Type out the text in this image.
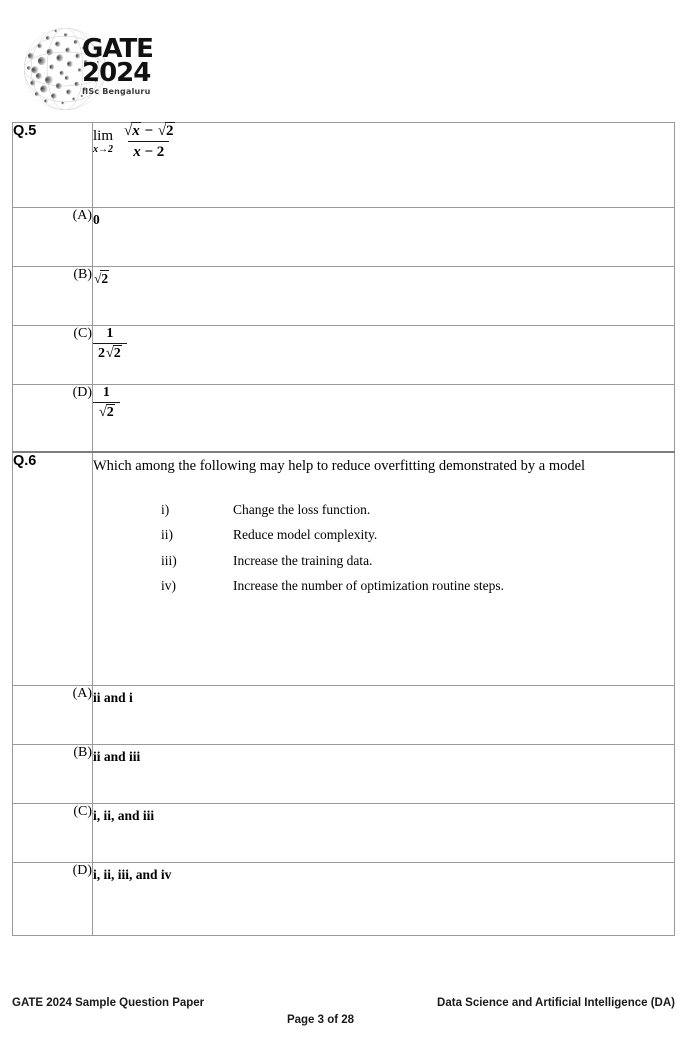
GATE
2024
IISc Bengaluru
Q.5	lim
$x\to 2 \frac{√x - √2}{x - 2}$

(A)	0
(B)	√2
(C)	$\frac{1}{2√2}$

(D)	$\frac{1}{√2}$

Q.6	Which among the following may help to reduce overfitting demonstrated by a model
i)	Change the loss function.
ii)	Reduce model complexity.
iii)	Increase the training data.
iv)	Increase the number of optimization routine steps.

(A)	ii and i
(B)	ii and iii
(C)	i, ii, and iii
(D)	i, ii, iii, and iv
GATE 2024 Sample Question Paper	Data Science and Artificial Intelligence (DA)
Page 3 of 28
